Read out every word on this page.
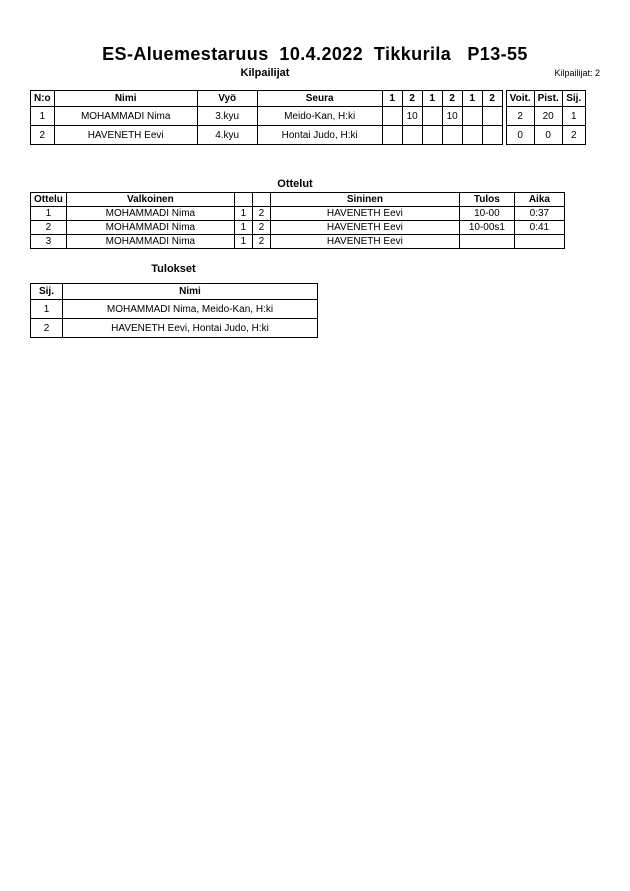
ES-Aluemestaruus  10.4.2022  Tikkurila   P13-55
Kilpailijat	Kilpailijat: 2
N:o	Nimi	Vyö	Seura	1	2	1	2	1	2
1	MOHAMMADI Nima	3.kyu	Meido-Kan, H:ki		10		10		
2	HAVENETH Eevi	4.kyu	Hontai Judo, H:ki						
Voit.	Pist.	Sij.
2	20	1
0	0	2
Ottelut
Ottelu	Valkoinen			Sininen	Tulos	Aika
1	MOHAMMADI Nima	1	2	HAVENETH Eevi	10-00	0:37
2	MOHAMMADI Nima	1	2	HAVENETH Eevi	10-00s1	0:41
3	MOHAMMADI Nima	1	2	HAVENETH Eevi		
Tulokset
Sij.	Nimi
1	MOHAMMADI Nima, Meido-Kan, H:ki
2	HAVENETH Eevi, Hontai Judo, H:ki
